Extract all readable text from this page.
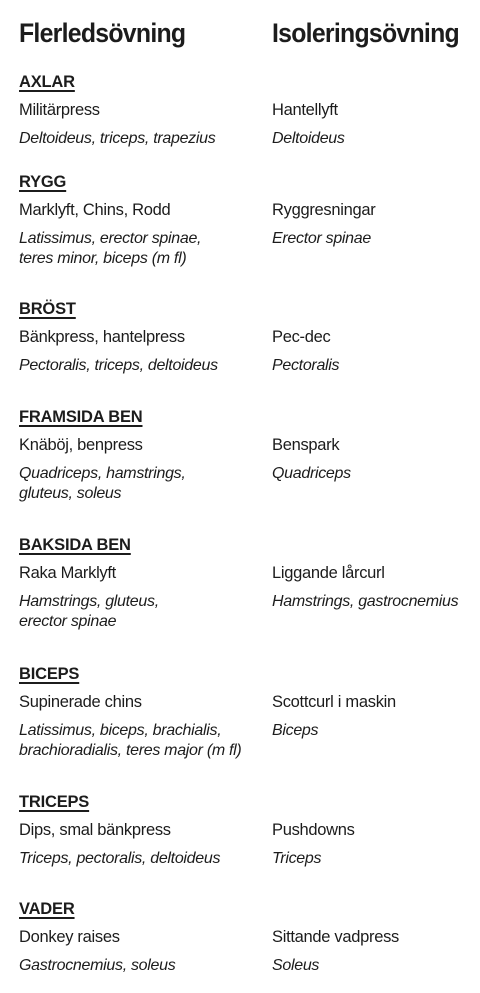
Flerledsövning	Isoleringsövning
AXLAR
Militärpress
Deltoideus, triceps, trapezius
Hantellyft
Deltoideus
RYGG
Marklyft, Chins, Rodd
Latissimus, erector spinae,
teres minor, biceps (m fl)
Ryggresningar
Erector spinae
BRÖST
Bänkpress, hantelpress
Pectoralis, triceps, deltoideus
Pec-dec
Pectoralis
FRAMSIDA BEN
Knäböj, benpress
Quadriceps, hamstrings,
gluteus, soleus
Benspark
Quadriceps
BAKSIDA BEN
Raka Marklyft
Hamstrings, gluteus,
erector spinae
Liggande lårcurl
Hamstrings, gastrocnemius
BICEPS
Supinerade chins
Latissimus, biceps, brachialis,
brachioradialis, teres major (m fl)
Scottcurl i maskin
Biceps
TRICEPS
Dips, smal bänkpress
Triceps, pectoralis, deltoideus
Pushdowns
Triceps
VADER
Donkey raises
Gastrocnemius, soleus
Sittande vadpress
Soleus
